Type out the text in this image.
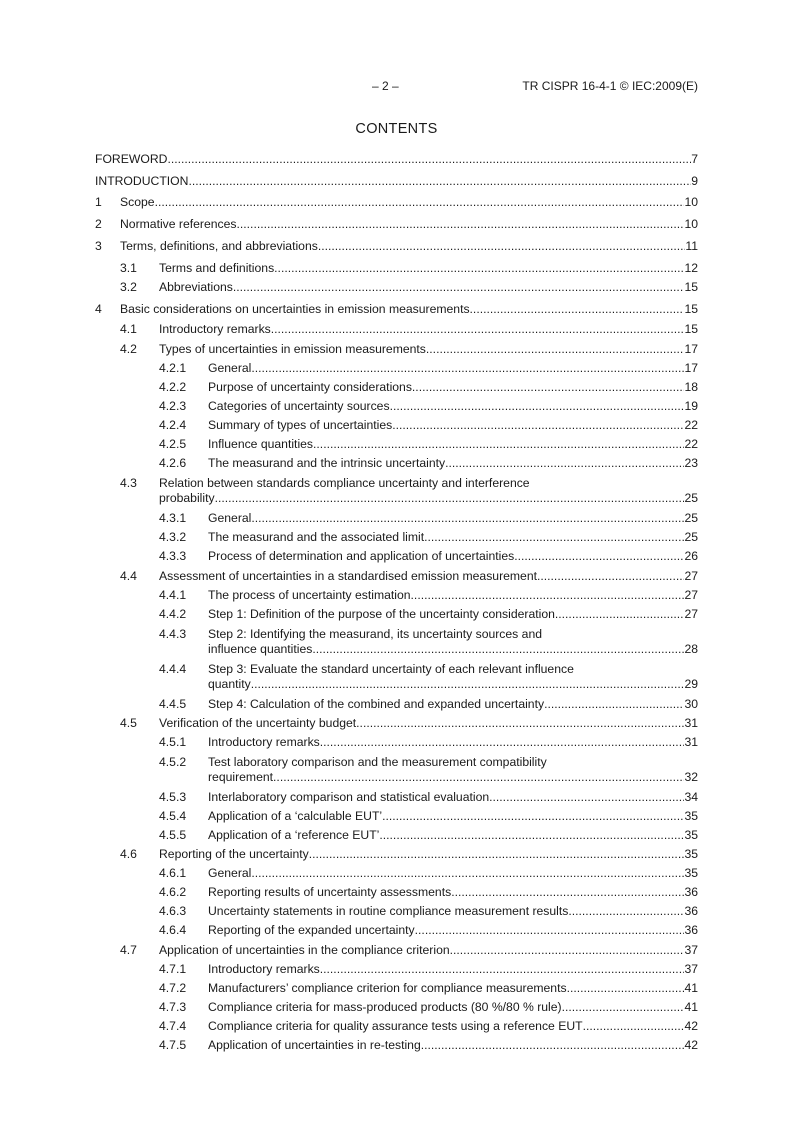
– 2 –	TR CISPR 16-4-1 © IEC:2009(E)
CONTENTS
FOREWORD .....	7
INTRODUCTION .....	9
1 Scope .....	10
2 Normative references .....	10
3 Terms, definitions, and abbreviations .....	11
3.1 Terms and definitions .....	12
3.2 Abbreviations .....	15
4 Basic considerations on uncertainties in emission measurements .....	15
4.1 Introductory remarks .....	15
4.2 Types of uncertainties in emission measurements .....	17
4.2.1 General .....	17
4.2.2 Purpose of uncertainty considerations .....	18
4.2.3 Categories of uncertainty sources .....	19
4.2.4 Summary of types of uncertainties .....	22
4.2.5 Influence quantities .....	22
4.2.6 The measurand and the intrinsic uncertainty .....	23
4.3 Relation between standards compliance uncertainty and interference
probability .....	25
4.3.1 General .....	25
4.3.2 The measurand and the associated limit .....	25
4.3.3 Process of determination and application of uncertainties .....	26
4.4 Assessment of uncertainties in a standardised emission measurement .....	27
4.4.1 The process of uncertainty estimation .....	27
4.4.2 Step 1: Definition of the purpose of the uncertainty consideration .....	27
4.4.3 Step 2: Identifying the measurand, its uncertainty sources and
influence quantities .....	28
4.4.4 Step 3: Evaluate the standard uncertainty of each relevant influence
quantity .....	29
4.4.5 Step 4: Calculation of the combined and expanded uncertainty .....	30
4.5 Verification of the uncertainty budget .....	31
4.5.1 Introductory remarks .....	31
4.5.2 Test laboratory comparison and the measurement compatibility
requirement .....	32
4.5.3 Interlaboratory comparison and statistical evaluation .....	34
4.5.4 Application of a ‘calculable EUT’ .....	35
4.5.5 Application of a ‘reference EUT’ .....	35
4.6 Reporting of the uncertainty .....	35
4.6.1 General .....	35
4.6.2 Reporting results of uncertainty assessments .....	36
4.6.3 Uncertainty statements in routine compliance measurement results .....	36
4.6.4 Reporting of the expanded uncertainty .....	36
4.7 Application of uncertainties in the compliance criterion .....	37
4.7.1 Introductory remarks .....	37
4.7.2 Manufacturers’ compliance criterion for compliance measurements .....	41
4.7.3 Compliance criteria for mass-produced products (80 %/80 % rule) .....	41
4.7.4 Compliance criteria for quality assurance tests using a reference EUT .....	42
4.7.5 Application of uncertainties in re-testing .....	42
